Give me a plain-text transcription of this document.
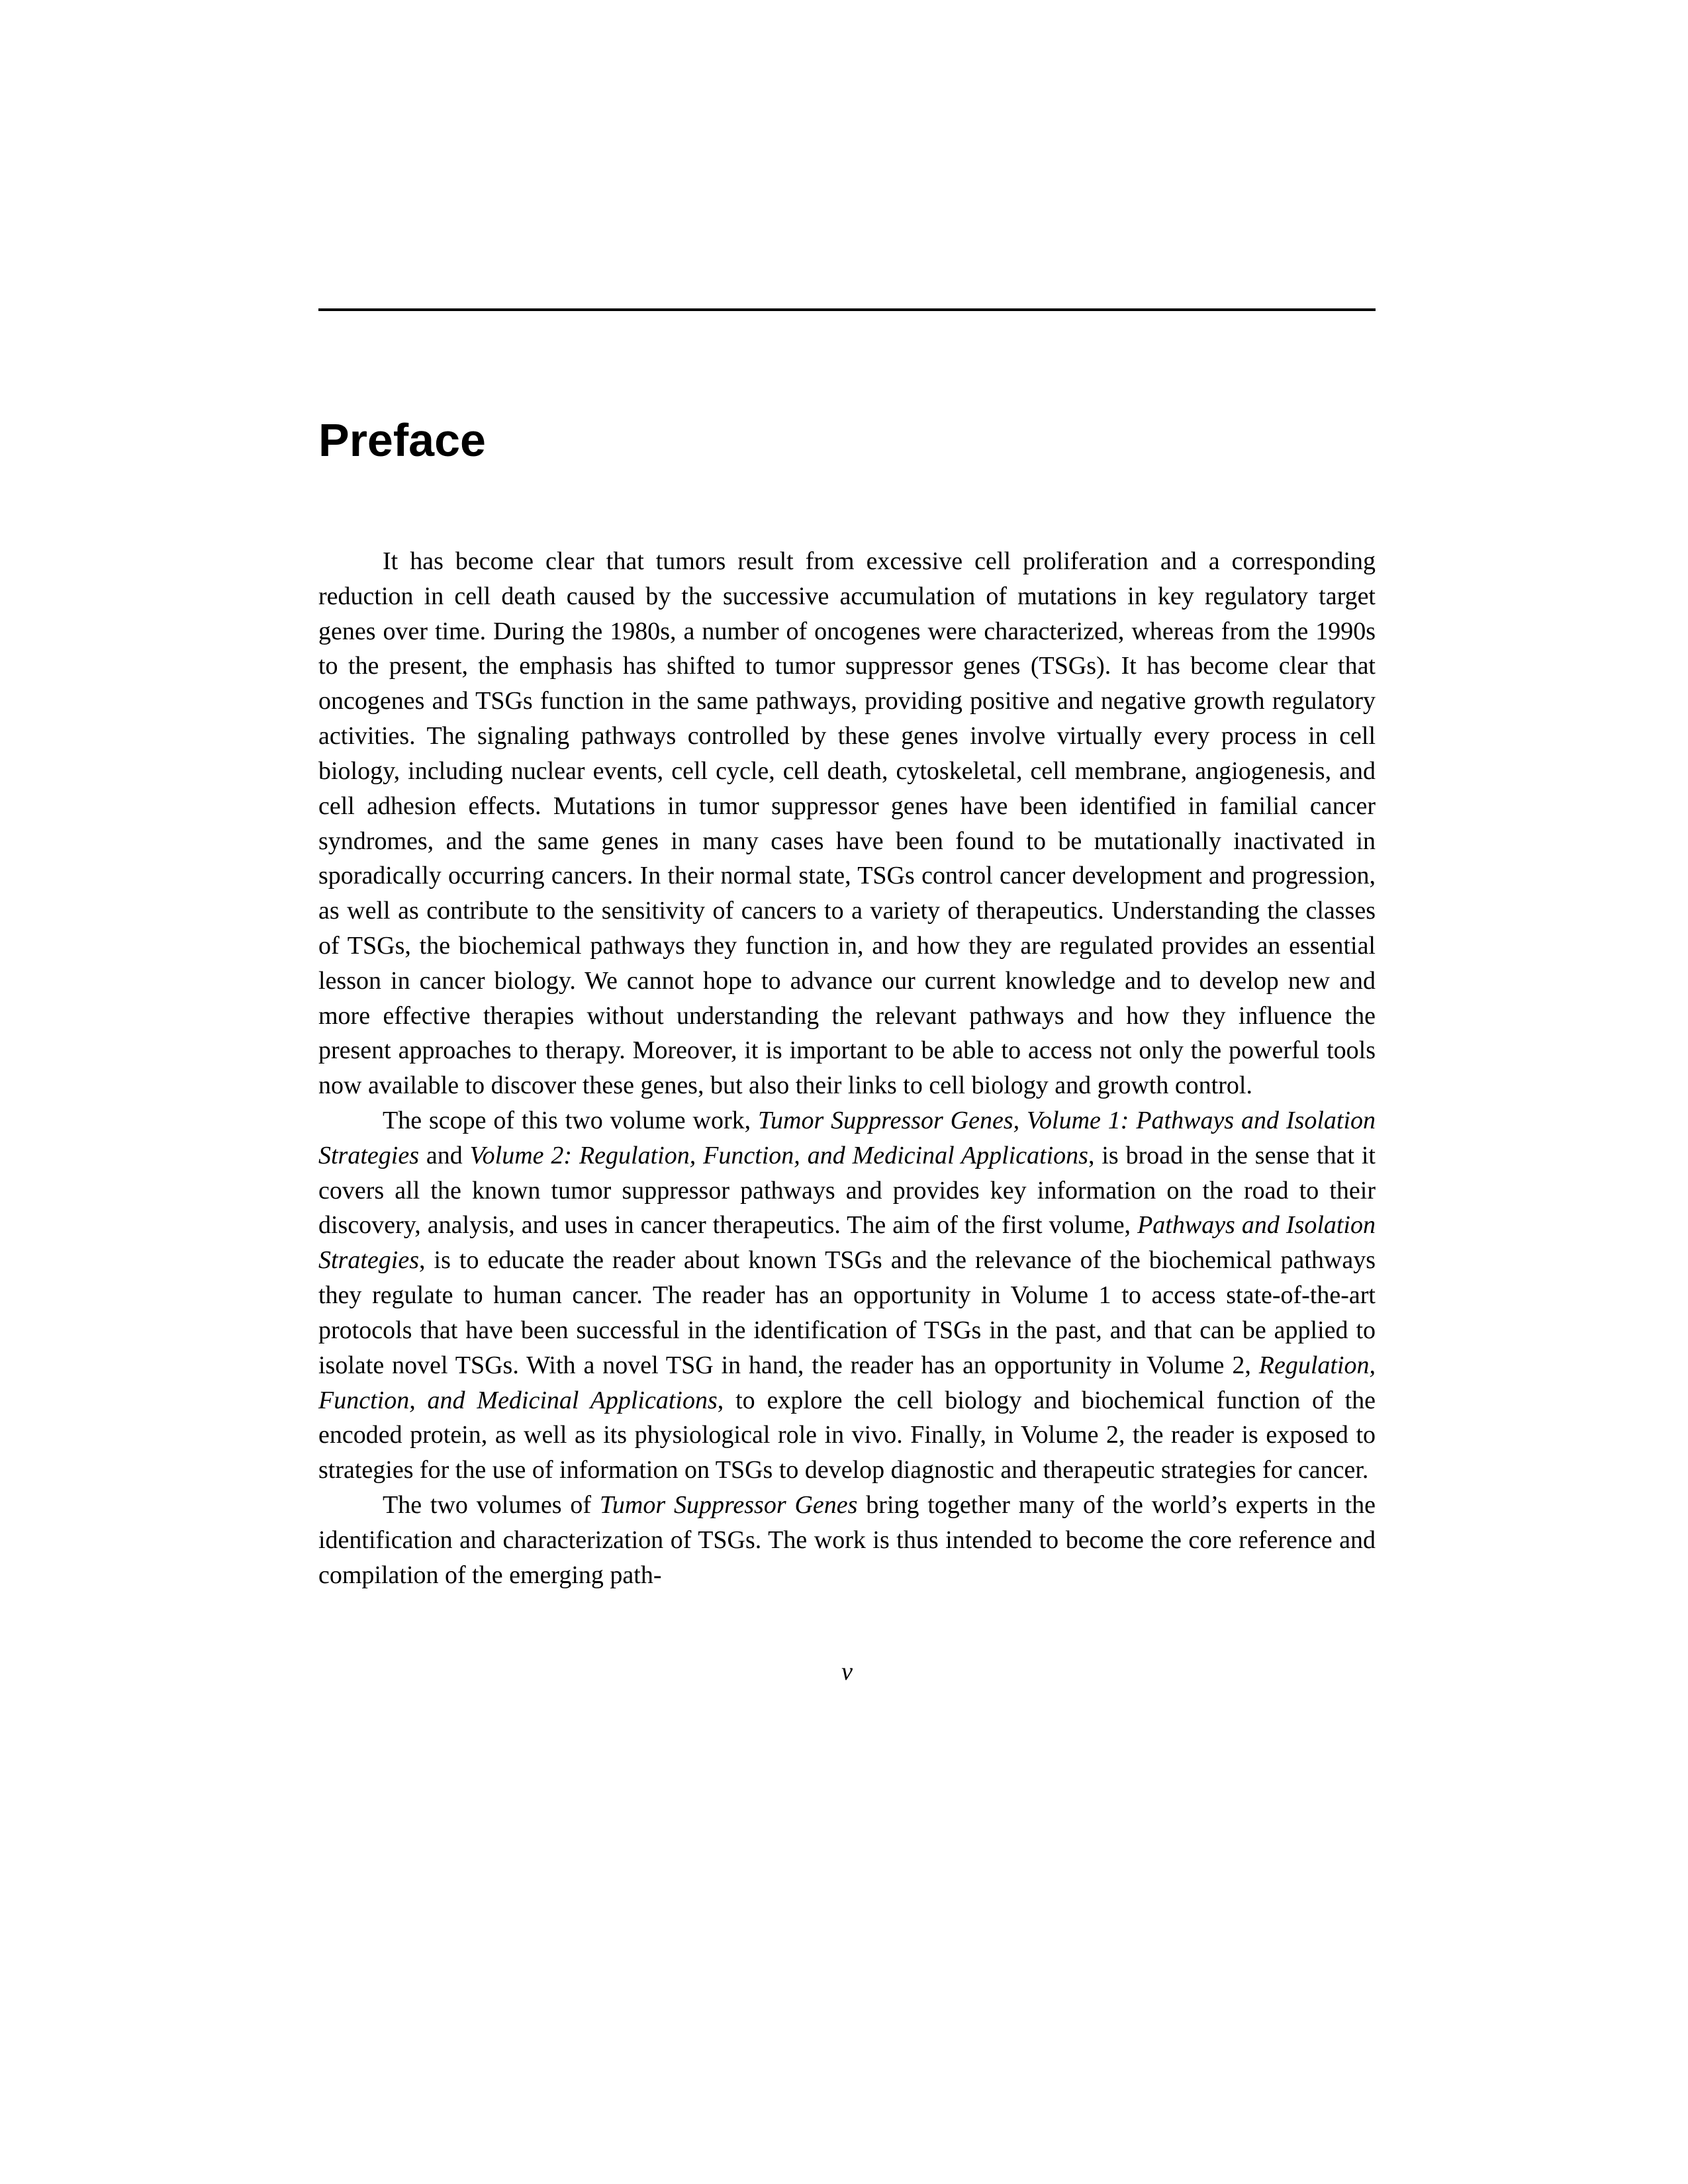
Preface

It has become clear that tumors result from excessive cell proliferation and a corresponding reduction in cell death caused by the successive accumulation of mutations in key regulatory target genes over time. During the 1980s, a number of oncogenes were characterized, whereas from the 1990s to the present, the emphasis has shifted to tumor suppressor genes (TSGs). It has become clear that oncogenes and TSGs function in the same pathways, providing positive and negative growth regulatory activities. The signaling pathways controlled by these genes involve virtually every process in cell biology, including nuclear events, cell cycle, cell death, cytoskeletal, cell membrane, angiogenesis, and cell adhesion effects. Mutations in tumor suppressor genes have been identified in familial cancer syndromes, and the same genes in many cases have been found to be mutationally inactivated in sporadically occurring cancers. In their normal state, TSGs control cancer development and progression, as well as contribute to the sensitivity of cancers to a variety of therapeutics. Understanding the classes of TSGs, the biochemical pathways they function in, and how they are regulated provides an essential lesson in cancer biology. We cannot hope to advance our current knowledge and to develop new and more effective therapies without understanding the relevant pathways and how they influence the present approaches to therapy. Moreover, it is important to be able to access not only the powerful tools now available to discover these genes, but also their links to cell biology and growth control.

The scope of this two volume work, Tumor Suppressor Genes, Volume 1: Pathways and Isolation Strategies and Volume 2: Regulation, Function, and Medicinal Applications, is broad in the sense that it covers all the known tumor suppressor pathways and provides key information on the road to their discovery, analysis, and uses in cancer therapeutics. The aim of the first volume, Pathways and Isolation Strategies, is to educate the reader about known TSGs and the relevance of the biochemical pathways they regulate to human cancer. The reader has an opportunity in Volume 1 to access state-of-the-art protocols that have been successful in the identification of TSGs in the past, and that can be applied to isolate novel TSGs. With a novel TSG in hand, the reader has an opportunity in Volume 2, Regulation, Function, and Medicinal Applications, to explore the cell biology and biochemical function of the encoded protein, as well as its physiological role in vivo. Finally, in Volume 2, the reader is exposed to strategies for the use of information on TSGs to develop diagnostic and therapeutic strategies for cancer.

The two volumes of Tumor Suppressor Genes bring together many of the world’s experts in the identification and characterization of TSGs. The work is thus intended to become the core reference and compilation of the emerging path-

v
